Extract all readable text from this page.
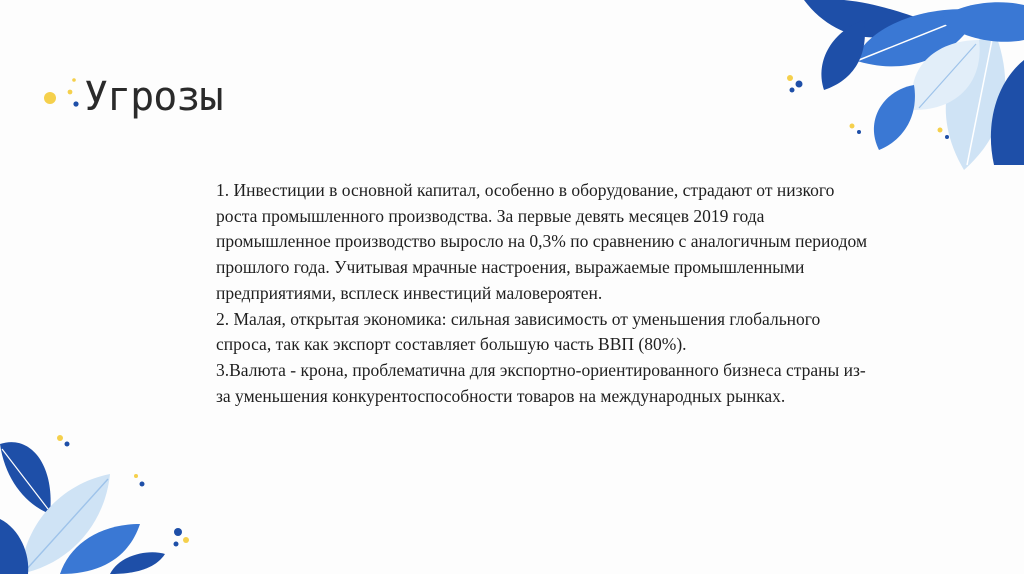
Угрозы

1. Инвестиции в основной капитал, особенно в оборудование, страдают от низкого роста промышленного производства. За первые девять месяцев 2019 года промышленное производство выросло на 0,3% по сравнению с аналогичным периодом прошлого года. Учитывая мрачные настроения, выражаемые промышленными предприятиями, всплеск инвестиций маловероятен.

2. Малая, открытая экономика: сильная зависимость от уменьшения глобального спроса, так как экспорт составляет большую часть ВВП (80%).

3.Валюта - крона, проблематична для экспортно-ориентированного бизнеса страны из-за уменьшения конкурентоспособности товаров на международных рынках.
